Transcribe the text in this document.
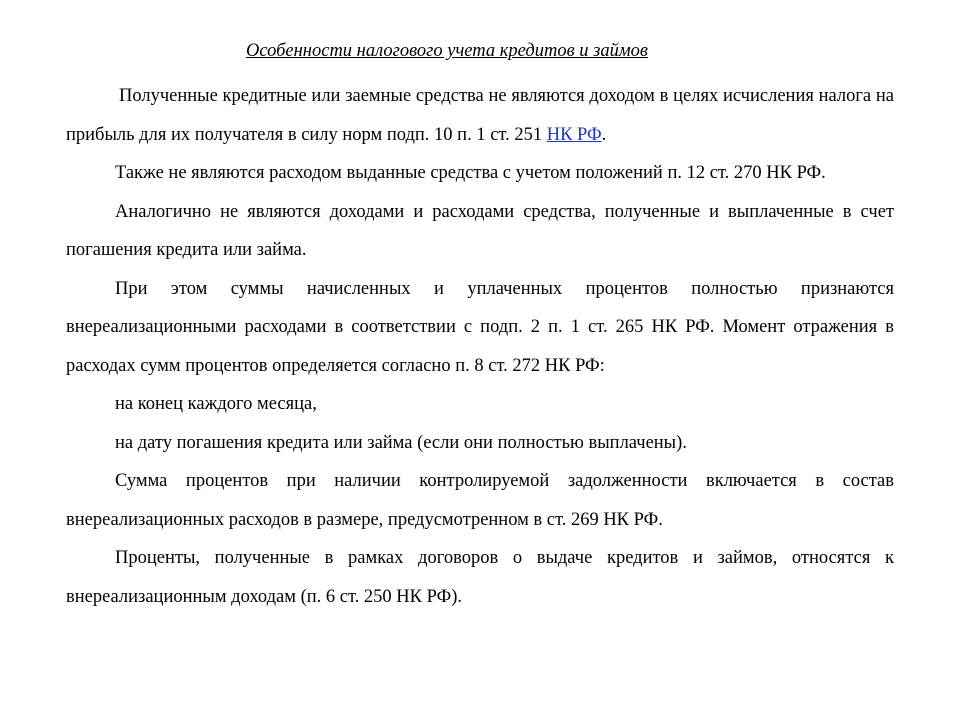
Особенности налогового учета кредитов и займов

Полученные кредитные или заемные средства не являются доходом в целях исчисления налога на прибыль для их получателя в силу норм подп. 10 п. 1 ст. 251 НК РФ.

Также не являются расходом выданные средства с учетом положений п. 12 ст. 270 НК РФ.

Аналогично не являются доходами и расходами средства, полученные и выплаченные в счет погашения кредита или займа.

При этом суммы начисленных и уплаченных процентов полностью признаются внереализационными расходами в соответствии с подп. 2 п. 1 ст. 265 НК РФ. Момент отражения в расходах сумм процентов определяется согласно п. 8 ст. 272 НК РФ:

на конец каждого месяца,

на дату погашения кредита или займа (если они полностью выплачены).

Сумма процентов при наличии контролируемой задолженности включается в состав внереализационных расходов в размере, предусмотренном в ст. 269 НК РФ.

Проценты, полученные в рамках договоров о выдаче кредитов и займов, относятся к внереализационным доходам (п. 6 ст. 250 НК РФ).
